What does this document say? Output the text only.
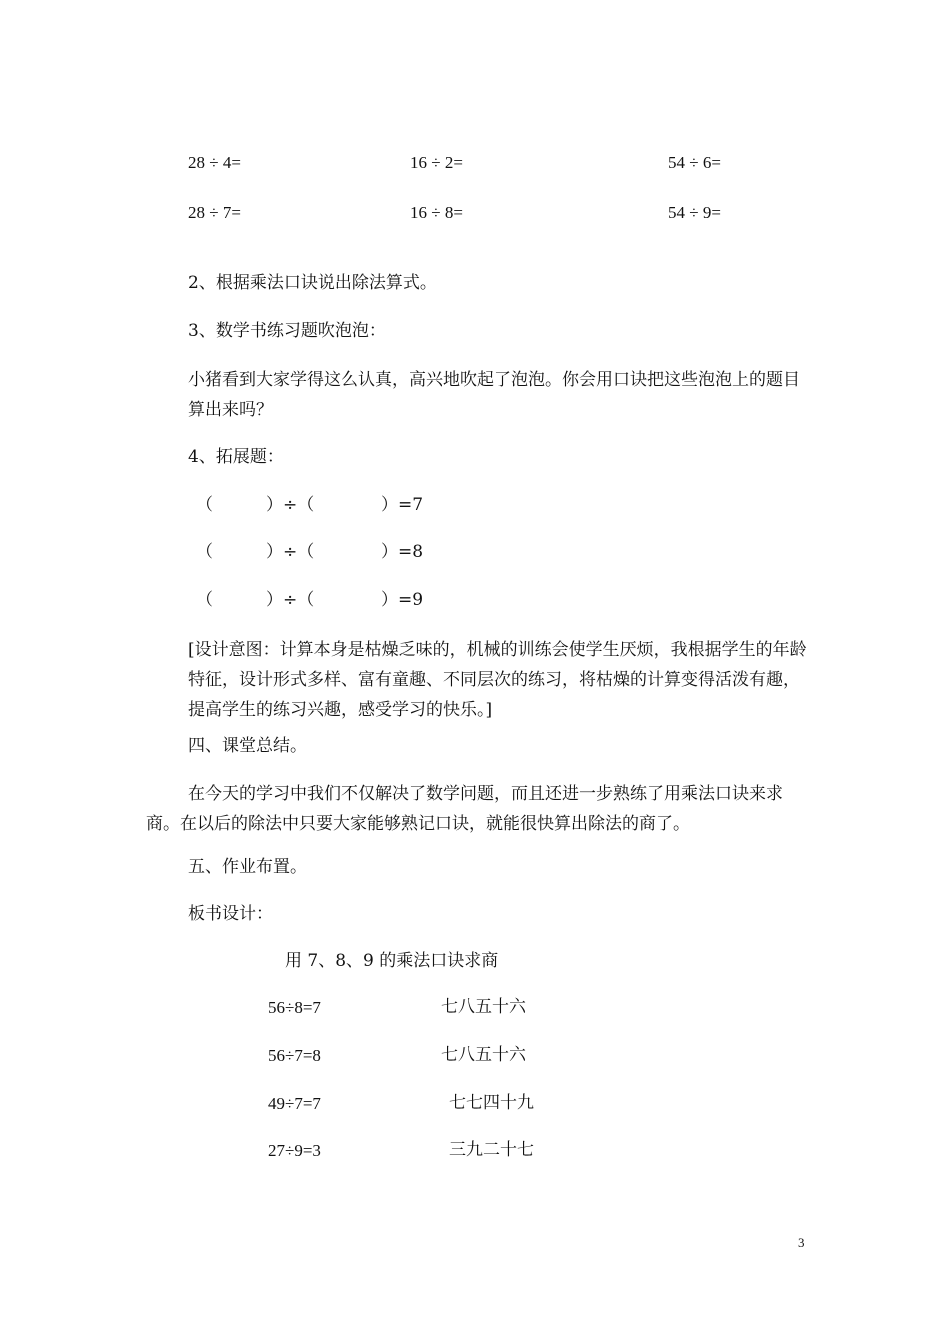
28 ÷ 4=	16 ÷ 2=	54 ÷ 6=
28 ÷ 7=	16 ÷ 8=	54 ÷ 9=
2、根据乘法口诀说出除法算式。
3、数学书练习题吹泡泡：
小猪看到大家学得这么认真，高兴地吹起了泡泡。你会用口诀把这些泡泡上的题目算出来吗？
4、拓展题：
（	）÷（	）=7
（	）÷（	）=8
（	）÷（	）=9
[设计意图：计算本身是枯燥乏味的，机械的训练会使学生厌烦，我根据学生的年龄特征，设计形式多样、富有童趣、不同层次的练习，将枯燥的计算变得活泼有趣，提高学生的练习兴趣，感受学习的快乐。]
四、课堂总结。
在今天的学习中我们不仅解决了数学问题，而且还进一步熟练了用乘法口诀来求商。在以后的除法中只要大家能够熟记口诀，就能很快算出除法的商了。
五、作业布置。
板书设计：
用 7、8、9 的乘法口诀求商
56÷8=7	七八五十六
56÷7=8	七八五十六
49÷7=7	七七四十九
27÷9=3	三九二十七
3
